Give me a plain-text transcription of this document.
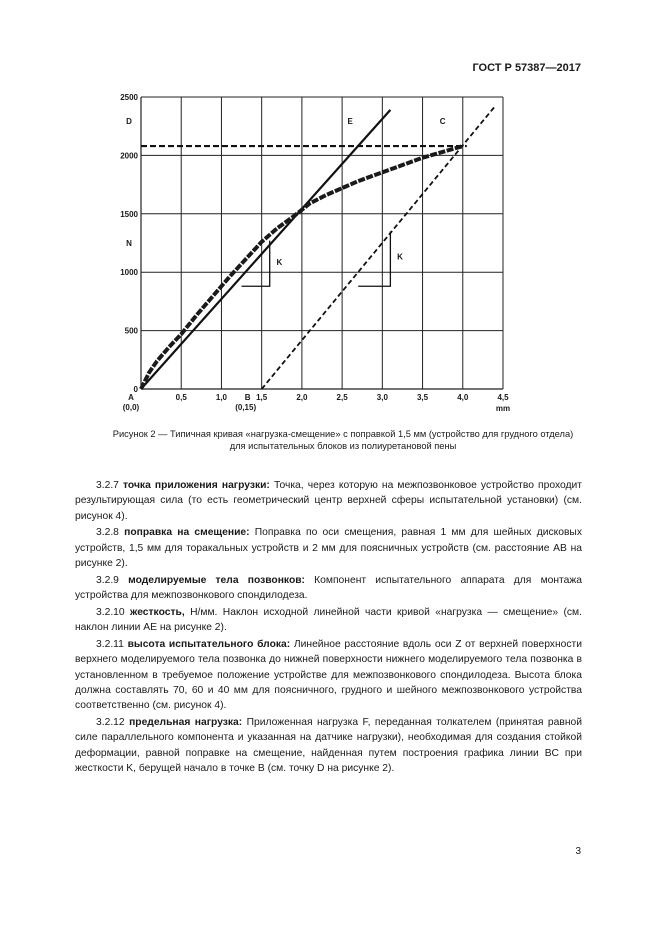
ГОСТ Р 57387—2017
0,5	1,0	1,5	2,0	2,5	3,0	3,5	4,0	4,5
0
500
1000
1500
2000
2500
mm
N
A
(0,0)
B
(0,15)
D	E	C
K
K
Рисунок 2 — Типичная кривая «нагрузка-смещение» с поправкой 1,5 мм (устройство для грудного отдела)
для испытательных блоков из полиуретановой пены

3.2.7 точка приложения нагрузки: Точка, через которую на межпозвонковое устройство проходит результирующая сила (то есть геометрический центр верхней сферы испытательной установки) (см. рисунок 4).

3.2.8 поправка на смещение: Поправка по оси смещения, равная 1 мм для шейных дисковых устройств, 1,5 мм для торакальных устройств и 2 мм для поясничных устройств (см. расстояние AB на рисунке 2).

3.2.9 моделируемые тела позвонков: Компонент испытательного аппарата для монтажа устройства для межпозвонкового спондилодеза.

3.2.10 жесткость, Н/мм. Наклон исходной линейной части кривой «нагрузка — смещение» (см. наклон линии AE на рисунке 2).

3.2.11 высота испытательного блока: Линейное расстояние вдоль оси Z от верхней поверхности верхнего моделируемого тела позвонка до нижней поверхности нижнего моделируемого тела позвонка в установленном в требуемое положение устройстве для межпозвонкового спондилодеза. Высота блока должна составлять 70, 60 и 40 мм для поясничного, грудного и шейного межпозвонкового устройства соответственно (см. рисунок 4).

3.2.12 предельная нагрузка: Приложенная нагрузка F, переданная толкателем (принятая равной силе параллельного компонента и указанная на датчике нагрузки), необходимая для создания стойкой деформации, равной поправке на смещение, найденная путем построения графика линии BC при жесткости K, берущей начало в точке B (см. точку D на рисунке 2).

3
